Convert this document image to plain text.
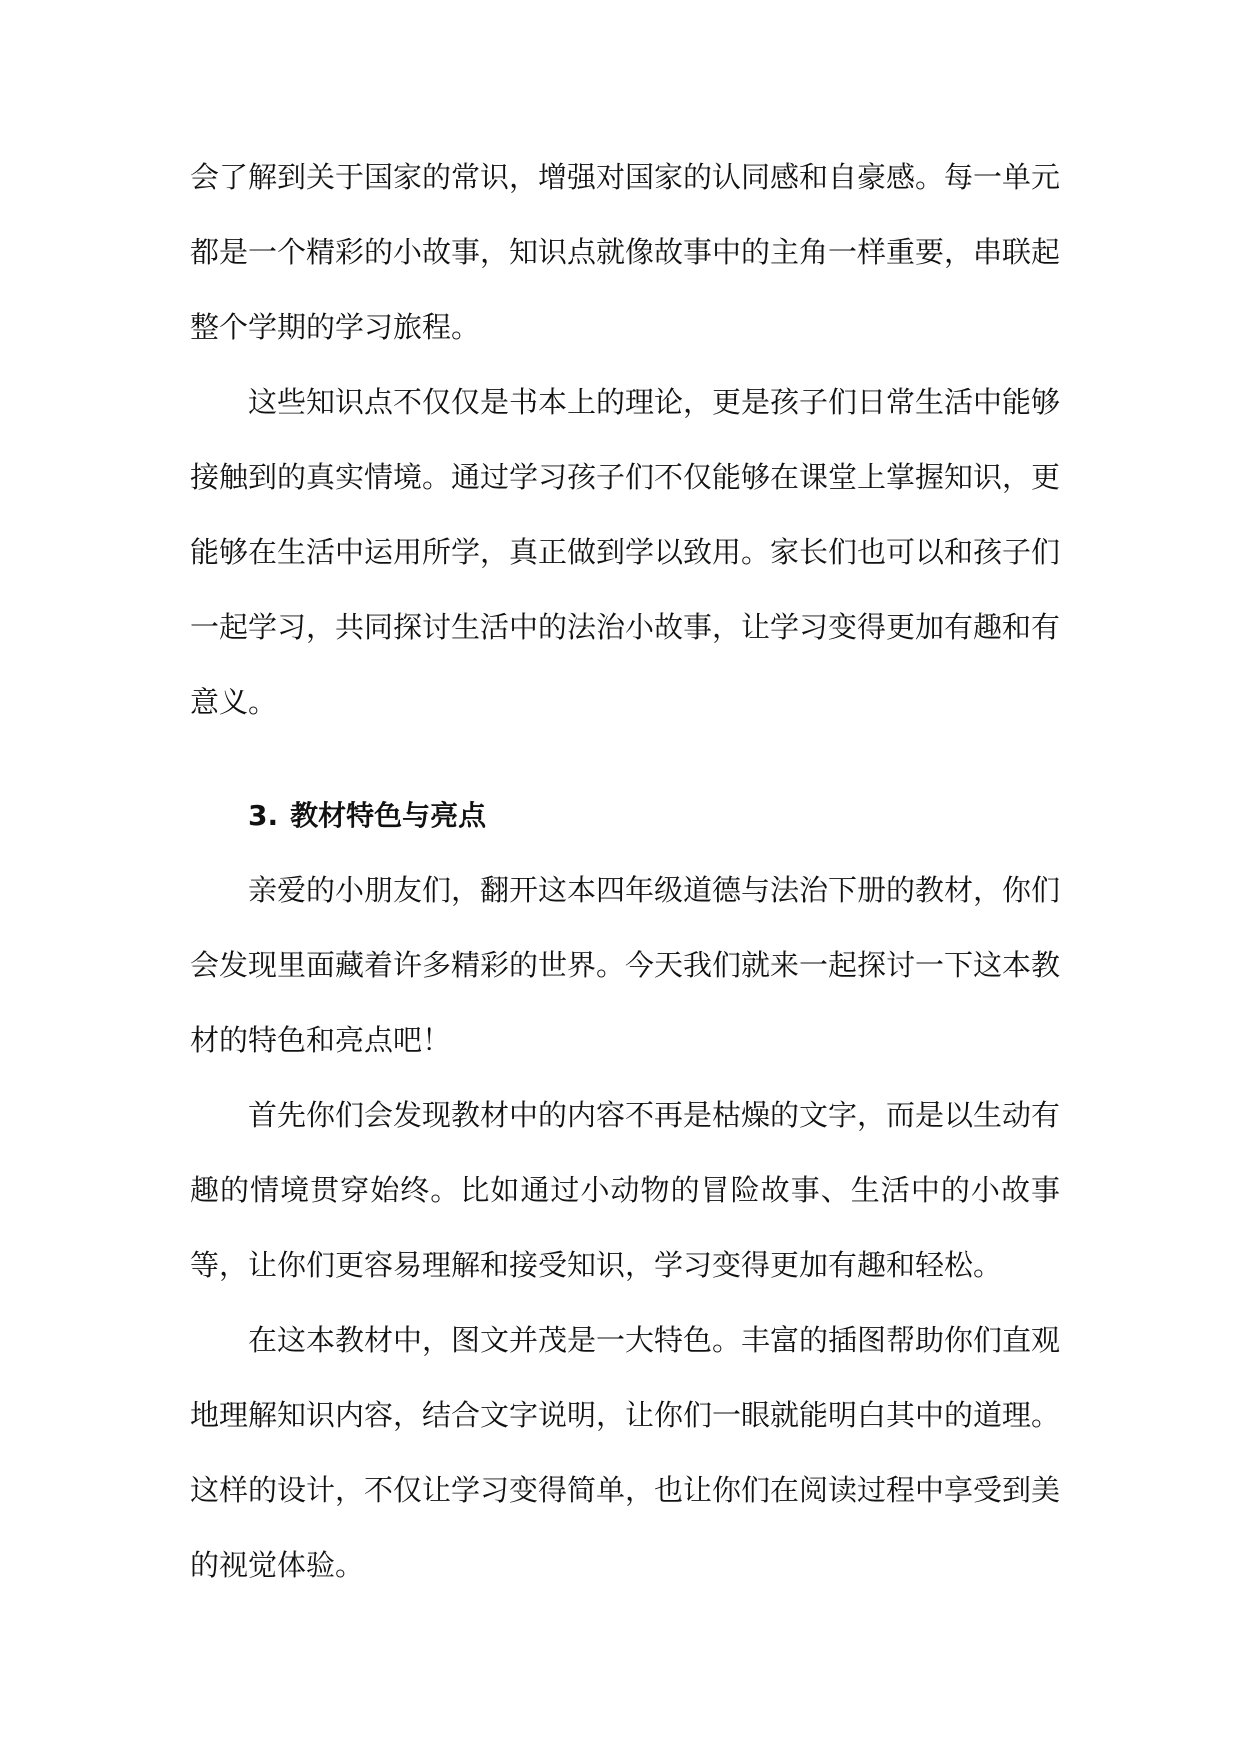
会了解到关于国家的常识，增强对国家的认同感和自豪感。每一单元都是一个精彩的小故事，知识点就像故事中的主角一样重要，串联起整个学期的学习旅程。

这些知识点不仅仅是书本上的理论，更是孩子们日常生活中能够接触到的真实情境。通过学习孩子们不仅能够在课堂上掌握知识，更能够在生活中运用所学，真正做到学以致用。家长们也可以和孩子们一起学习，共同探讨生活中的法治小故事，让学习变得更加有趣和有意义。

3. 教材特色与亮点

亲爱的小朋友们，翻开这本四年级道德与法治下册的教材，你们会发现里面藏着许多精彩的世界。今天我们就来一起探讨一下这本教材的特色和亮点吧！

首先你们会发现教材中的内容不再是枯燥的文字，而是以生动有趣的情境贯穿始终。比如通过小动物的冒险故事、生活中的小故事等，让你们更容易理解和接受知识，学习变得更加有趣和轻松。

在这本教材中，图文并茂是一大特色。丰富的插图帮助你们直观地理解知识内容，结合文字说明，让你们一眼就能明白其中的道理。这样的设计，不仅让学习变得简单，也让你们在阅读过程中享受到美的视觉体验。
